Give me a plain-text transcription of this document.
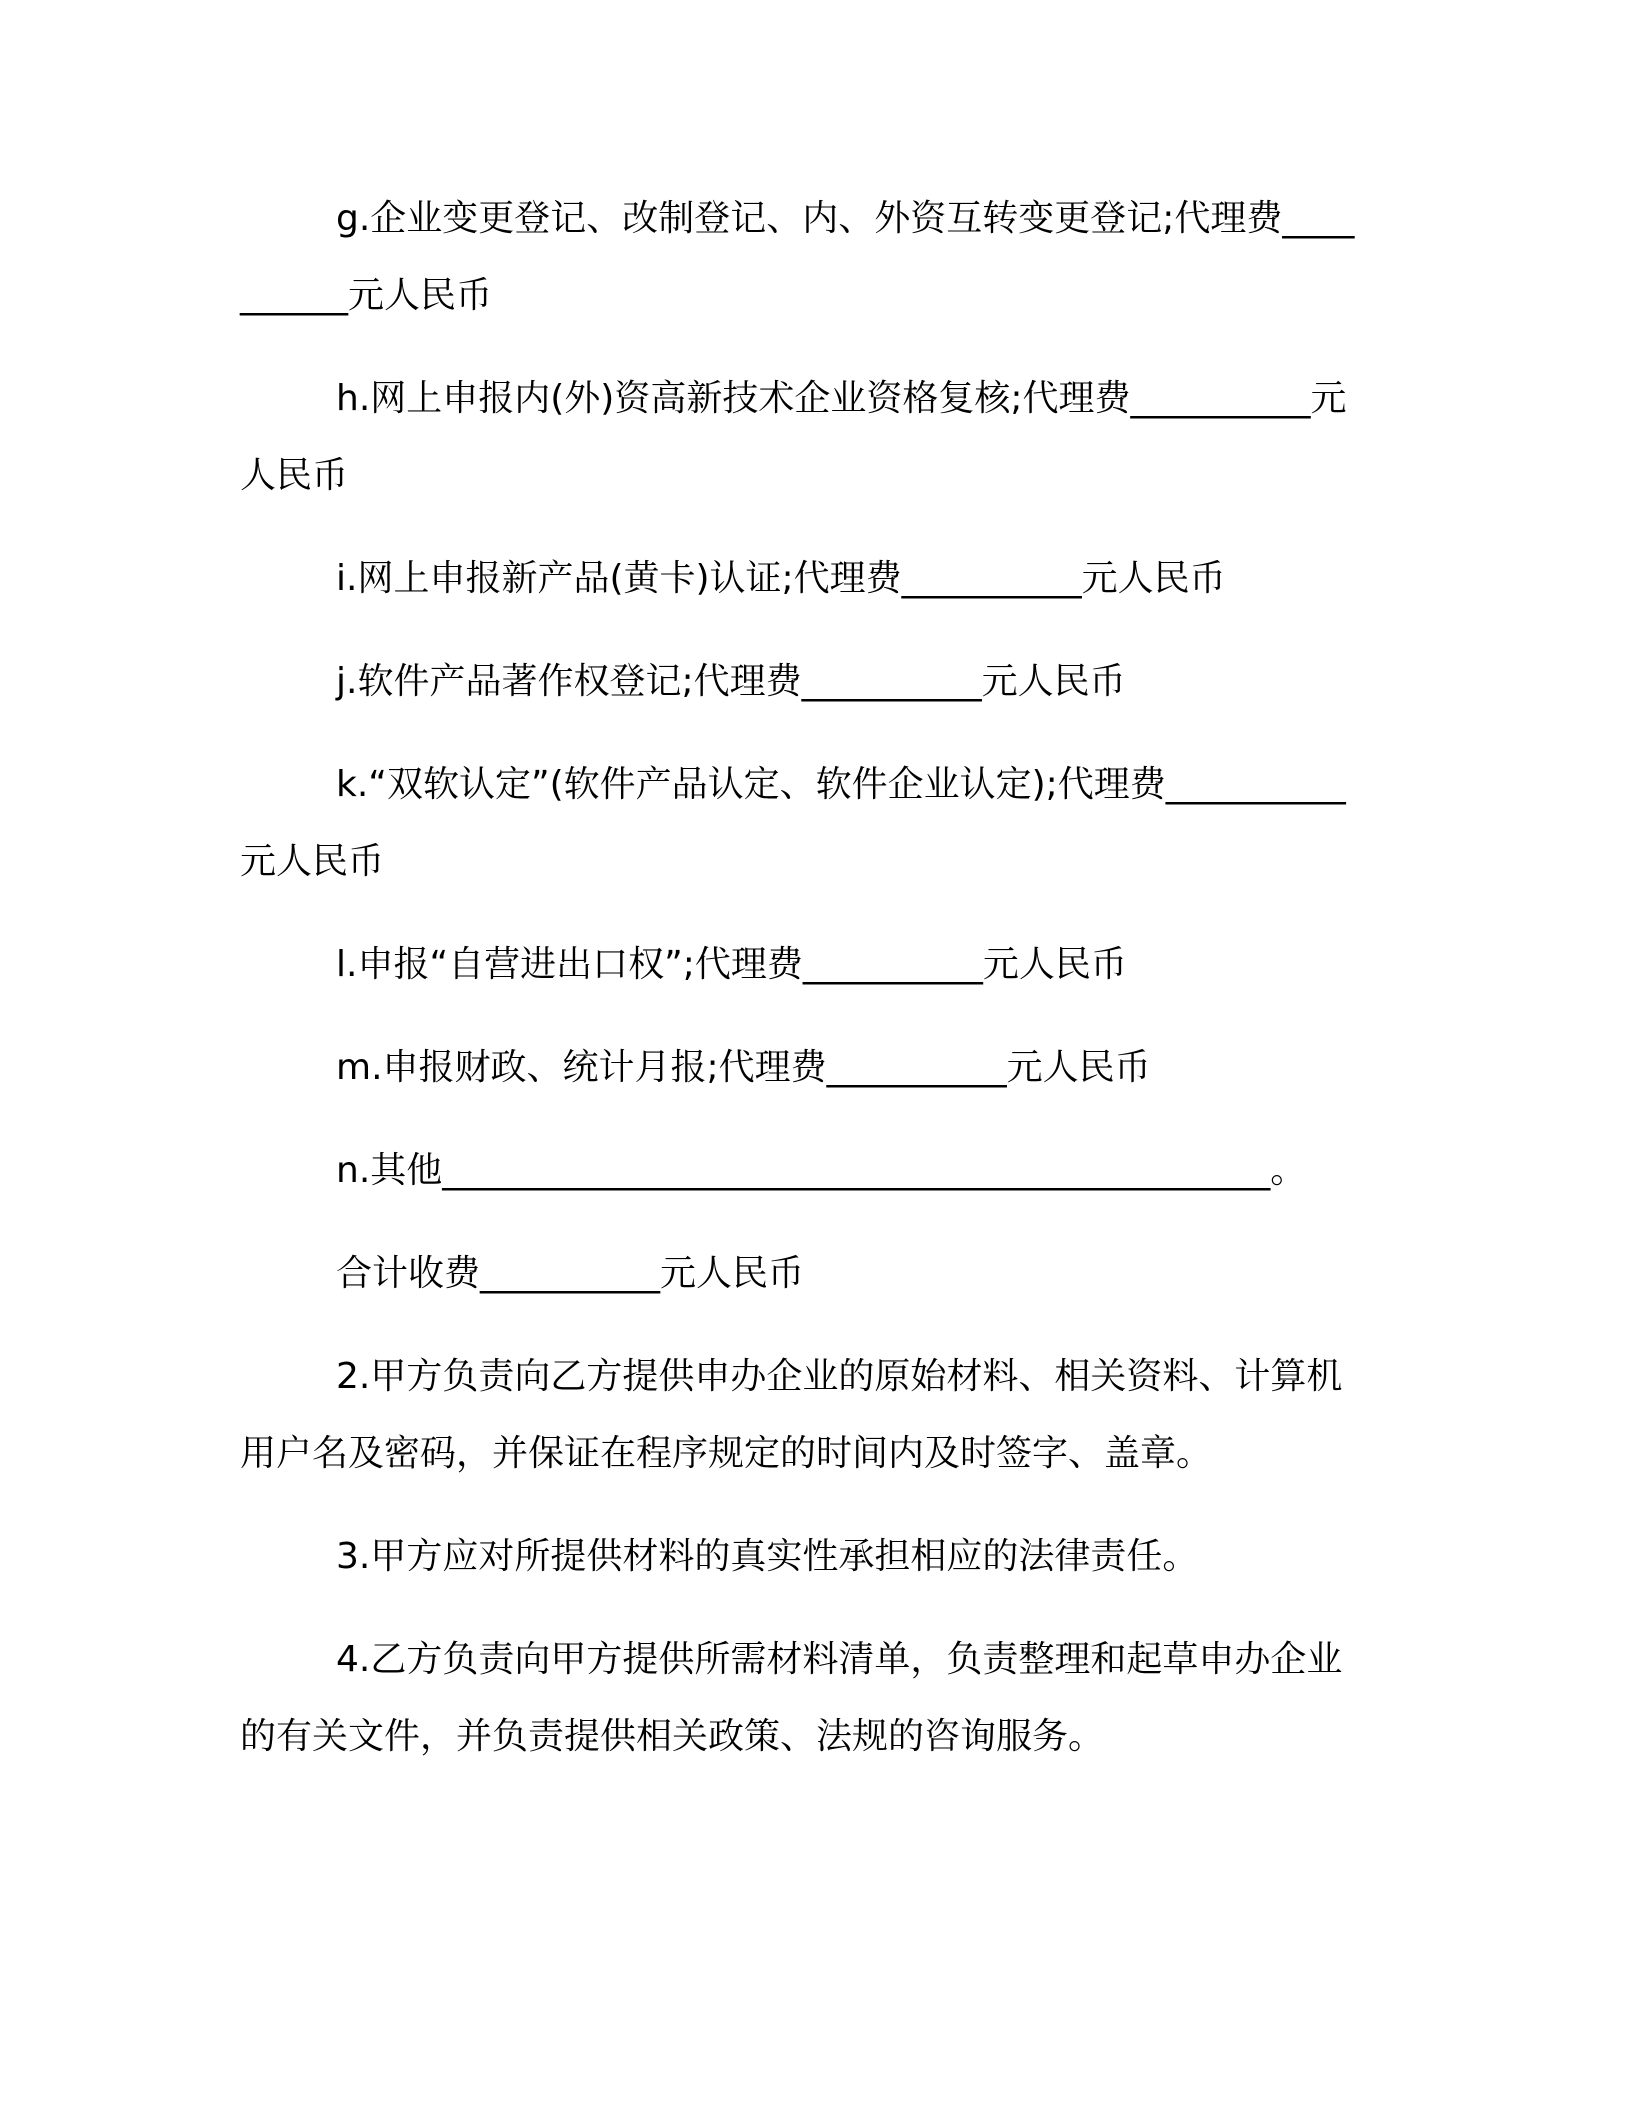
g.企业变更登记、改制登记、内、外资互转变更登记;代理费__________元人民币

h.网上申报内(外)资高新技术企业资格复核;代理费__________元人民币

i.网上申报新产品(黄卡)认证;代理费__________元人民币

j.软件产品著作权登记;代理费__________元人民币

k.“双软认定”(软件产品认定、软件企业认定);代理费__________元人民币

l.申报“自营进出口权”;代理费__________元人民币

m.申报财政、统计月报;代理费__________元人民币

n.其他______________________________________________。

合计收费__________元人民币

2.甲方负责向乙方提供申办企业的原始材料、相关资料、计算机用户名及密码，并保证在程序规定的时间内及时签字、盖章。

3.甲方应对所提供材料的真实性承担相应的法律责任。

4.乙方负责向甲方提供所需材料清单，负责整理和起草申办企业的有关文件，并负责提供相关政策、法规的咨询服务。
